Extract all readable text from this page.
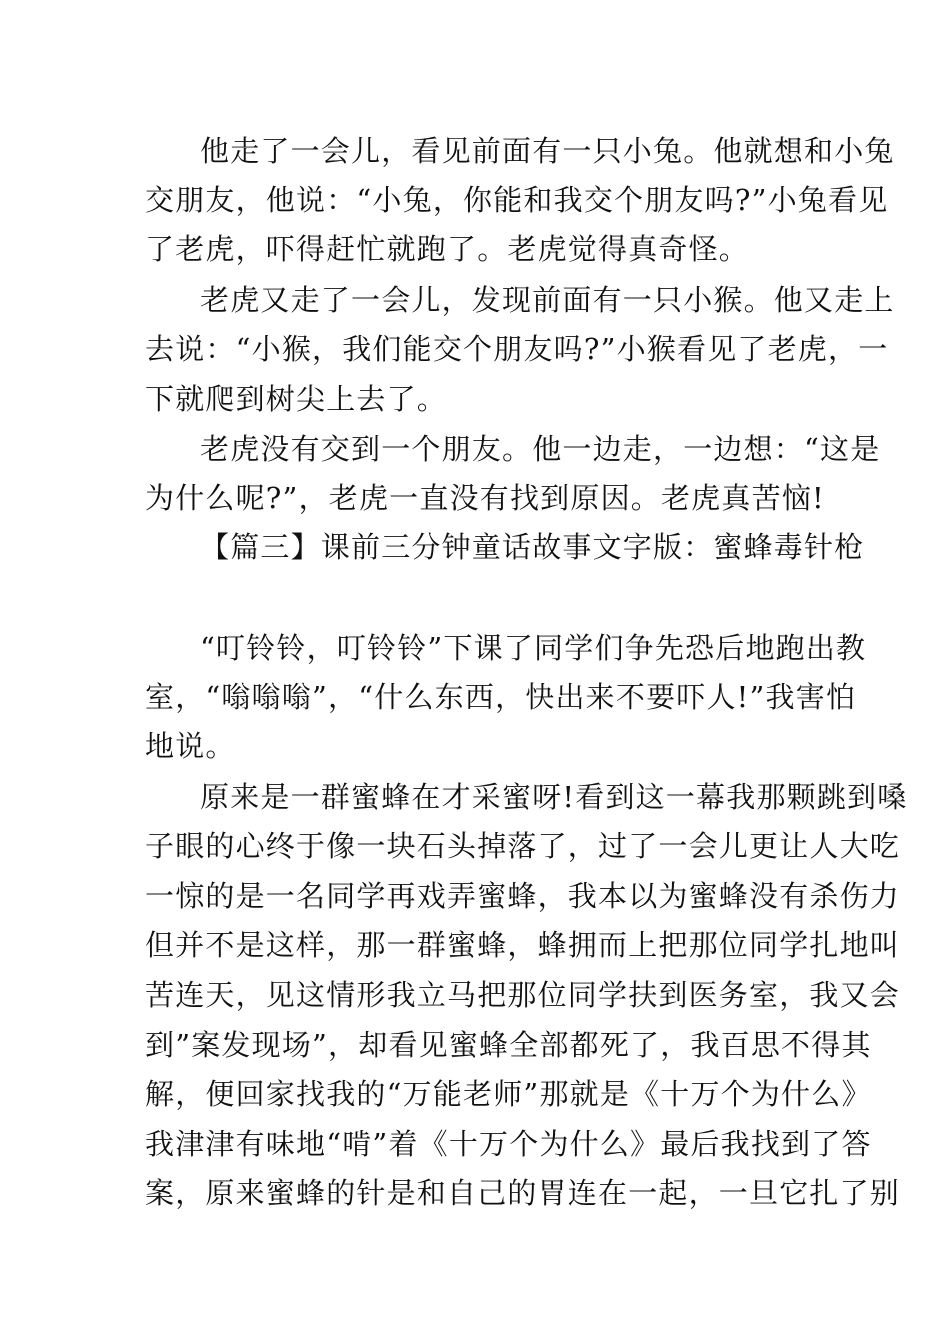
他走了一会儿，看见前面有一只小兔。他就想和小兔
交朋友，他说：“小兔，你能和我交个朋友吗?”小兔看见
了老虎，吓得赶忙就跑了。老虎觉得真奇怪。
老虎又走了一会儿，发现前面有一只小猴。他又走上
去说：“小猴，我们能交个朋友吗?”小猴看见了老虎，一
下就爬到树尖上去了。
老虎没有交到一个朋友。他一边走，一边想：“这是
为什么呢?”，老虎一直没有找到原因。老虎真苦恼!
【篇三】课前三分钟童话故事文字版：蜜蜂毒针枪
“叮铃铃，叮铃铃”下课了同学们争先恐后地跑出教
室，“嗡嗡嗡”，“什么东西，快出来不要吓人!”我害怕
地说。
原来是一群蜜蜂在才采蜜呀!看到这一幕我那颗跳到嗓
子眼的心终于像一块石头掉落了，过了一会儿更让人大吃
一惊的是一名同学再戏弄蜜蜂，我本以为蜜蜂没有杀伤力
但并不是这样，那一群蜜蜂，蜂拥而上把那位同学扎地叫
苦连天，见这情形我立马把那位同学扶到医务室，我又会
到”案发现场”，却看见蜜蜂全部都死了，我百思不得其
解，便回家找我的“万能老师”那就是《十万个为什么》
我津津有味地“啃”着《十万个为什么》最后我找到了答
案，原来蜜蜂的针是和自己的胃连在一起，一旦它扎了别
